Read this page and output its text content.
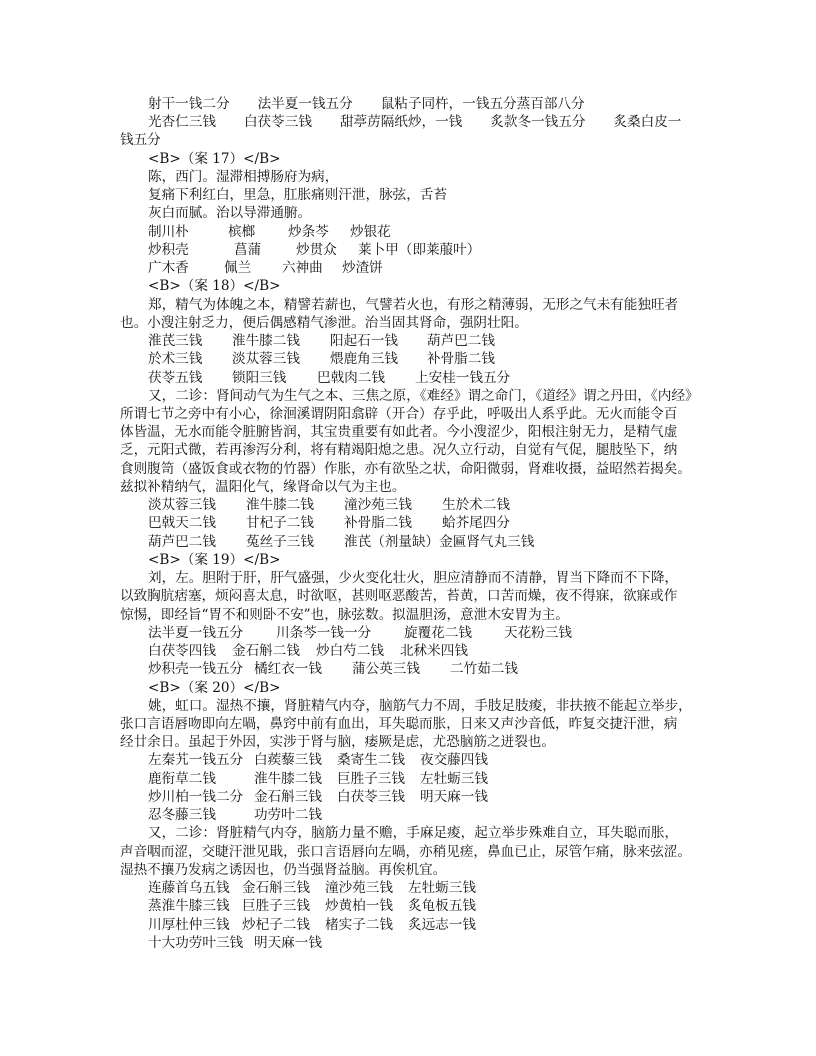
射干一钱二分 法半夏一钱五分 鼠粘子同杵，一钱五分蒸百部八分
光杏仁三钱 白茯苓三钱 甜葶苈隔纸炒，一钱 炙款冬一钱五分 炙桑白皮一
钱五分
<B>（案 17）</B>
陈，西门。湿滞相搏肠府为病，
复痛下利红白，里急，肛胀痛则汗泄，脉弦，舌苔
灰白而腻。治以导滞通腑。
制川朴	槟榔 炒条芩 炒银花
炒积壳	菖蒲	炒贯众 莱卜甲（即莱菔叶）
广木香	佩兰 六神曲 炒渣饼
<B>（案 18）</B>
郑，精气为体魄之本，精譬若薪也，气譬若火也，有形之精薄弱，无形之气未有能独旺者
也。小溲注射乏力，便后偶感精气渗泄。治当固其肾命，强阴壮阳。
淮芪三钱 淮牛膝二钱 阳起石一钱 葫芦巴二钱
於术三钱 淡苁蓉三钱 煨鹿角三钱 补骨脂二钱
茯苓五钱 锁阳三钱 巴戟肉二钱 上安桂一钱五分
又，二诊：肾间动气为生气之本、三焦之原，《难经》谓之命门，《道经》谓之丹田，《内经》
所谓七节之旁中有小心，徐洄溪谓阴阳翕辟（开合）存乎此，呼吸出人系乎此。无火而能令百
体皆温，无水而能令脏腑皆润，其宝贵重要有如此者。今小溲涩少，阳根注射无力，是精气虚
乏，元阳式微，若再渗泻分利，将有精竭阳熄之患。况久立行动，自觉有气促，腿肢坠下，纳
食则腹笥（盛饭食或衣物的竹器）作胀，亦有欲坠之状，命阳微弱，肾难收摄，益昭然若揭矣。
兹拟补精纳气，温阳化气，缘肾命以气为主也。
淡苁蓉三钱 淮牛膝二钱 潼沙苑三钱 生於术二钱
巴戟天二钱 甘杞子二钱 补骨脂二钱 蛤芥尾四分
葫芦巴二钱 菟丝子三钱 淮芪（剂量缺）金匾肾气丸三钱
<B>（案 19）</B>
刘，左。胆附于肝，肝气盛强，少火变化壮火，胆应清静而不清静，胃当下降而不下降，
以致胸肮痞塞，烦闷喜太息，时欲呕，甚则呕恶酸苦，苔黄，口苦而燥，夜不得寐，欲寐或作
惊惕，即经旨“胃不和则卧不安”也，脉弦数。拟温胆汤，意泄木安胃为主。
法半夏一钱五分 川条芩一钱一分 旋覆花二钱 天花粉三钱
白茯苓四钱 金石斛二钱 炒白芍二钱 北秫米四钱
炒积壳一钱五分 橘红衣一钱 蒲公英三钱 二竹茹二钱
<B>（案 20）</B>
姚，虹口。湿热不攘，肾脏精气内夺，脑筋气力不周，手肢足肢痠，非扶掖不能起立举步，
张口言语唇吻即向左喎，鼻窍中前有血出，耳失聪而胀，日来又声沙音低，昨复交捷汗泄，病
经廿余日。虽起于外因，实涉于肾与脑，痿厥是虑，尤恐脑筋之迸裂也。
左秦艽一钱五分 白蒺藜三钱 桑寄生二钱 夜交藤四钱
鹿衔草二钱	淮牛膝二钱 巨胜子三钱 左牡蛎三钱
炒川柏一钱二分 金石斛三钱 白茯苓三钱 明天麻一钱
忍冬藤三钱	功劳叶二钱
又，二诊：肾脏精气内夺，脑筋力量不赡，手麻足痠，起立举步殊难自立，耳失聪而胀，
声音咽而涩，交睫汗泄见戢，张口言语唇向左喎，亦稍见瘥，鼻血已止，尿管乍痛，脉来弦涩。
湿热不攘乃发病之诱因也，仍当强肾益脑。再俟机宜。
连藤首乌五钱 金石斛三钱 潼沙苑三钱 左牡蛎三钱
蒸淮牛膝三钱 巨胜子三钱 炒黄柏一钱 炙龟板五钱
川厚杜仲三钱 炒杞子二钱 楮实子二钱 炙远志一钱
十大功劳叶三钱 明天麻一钱
